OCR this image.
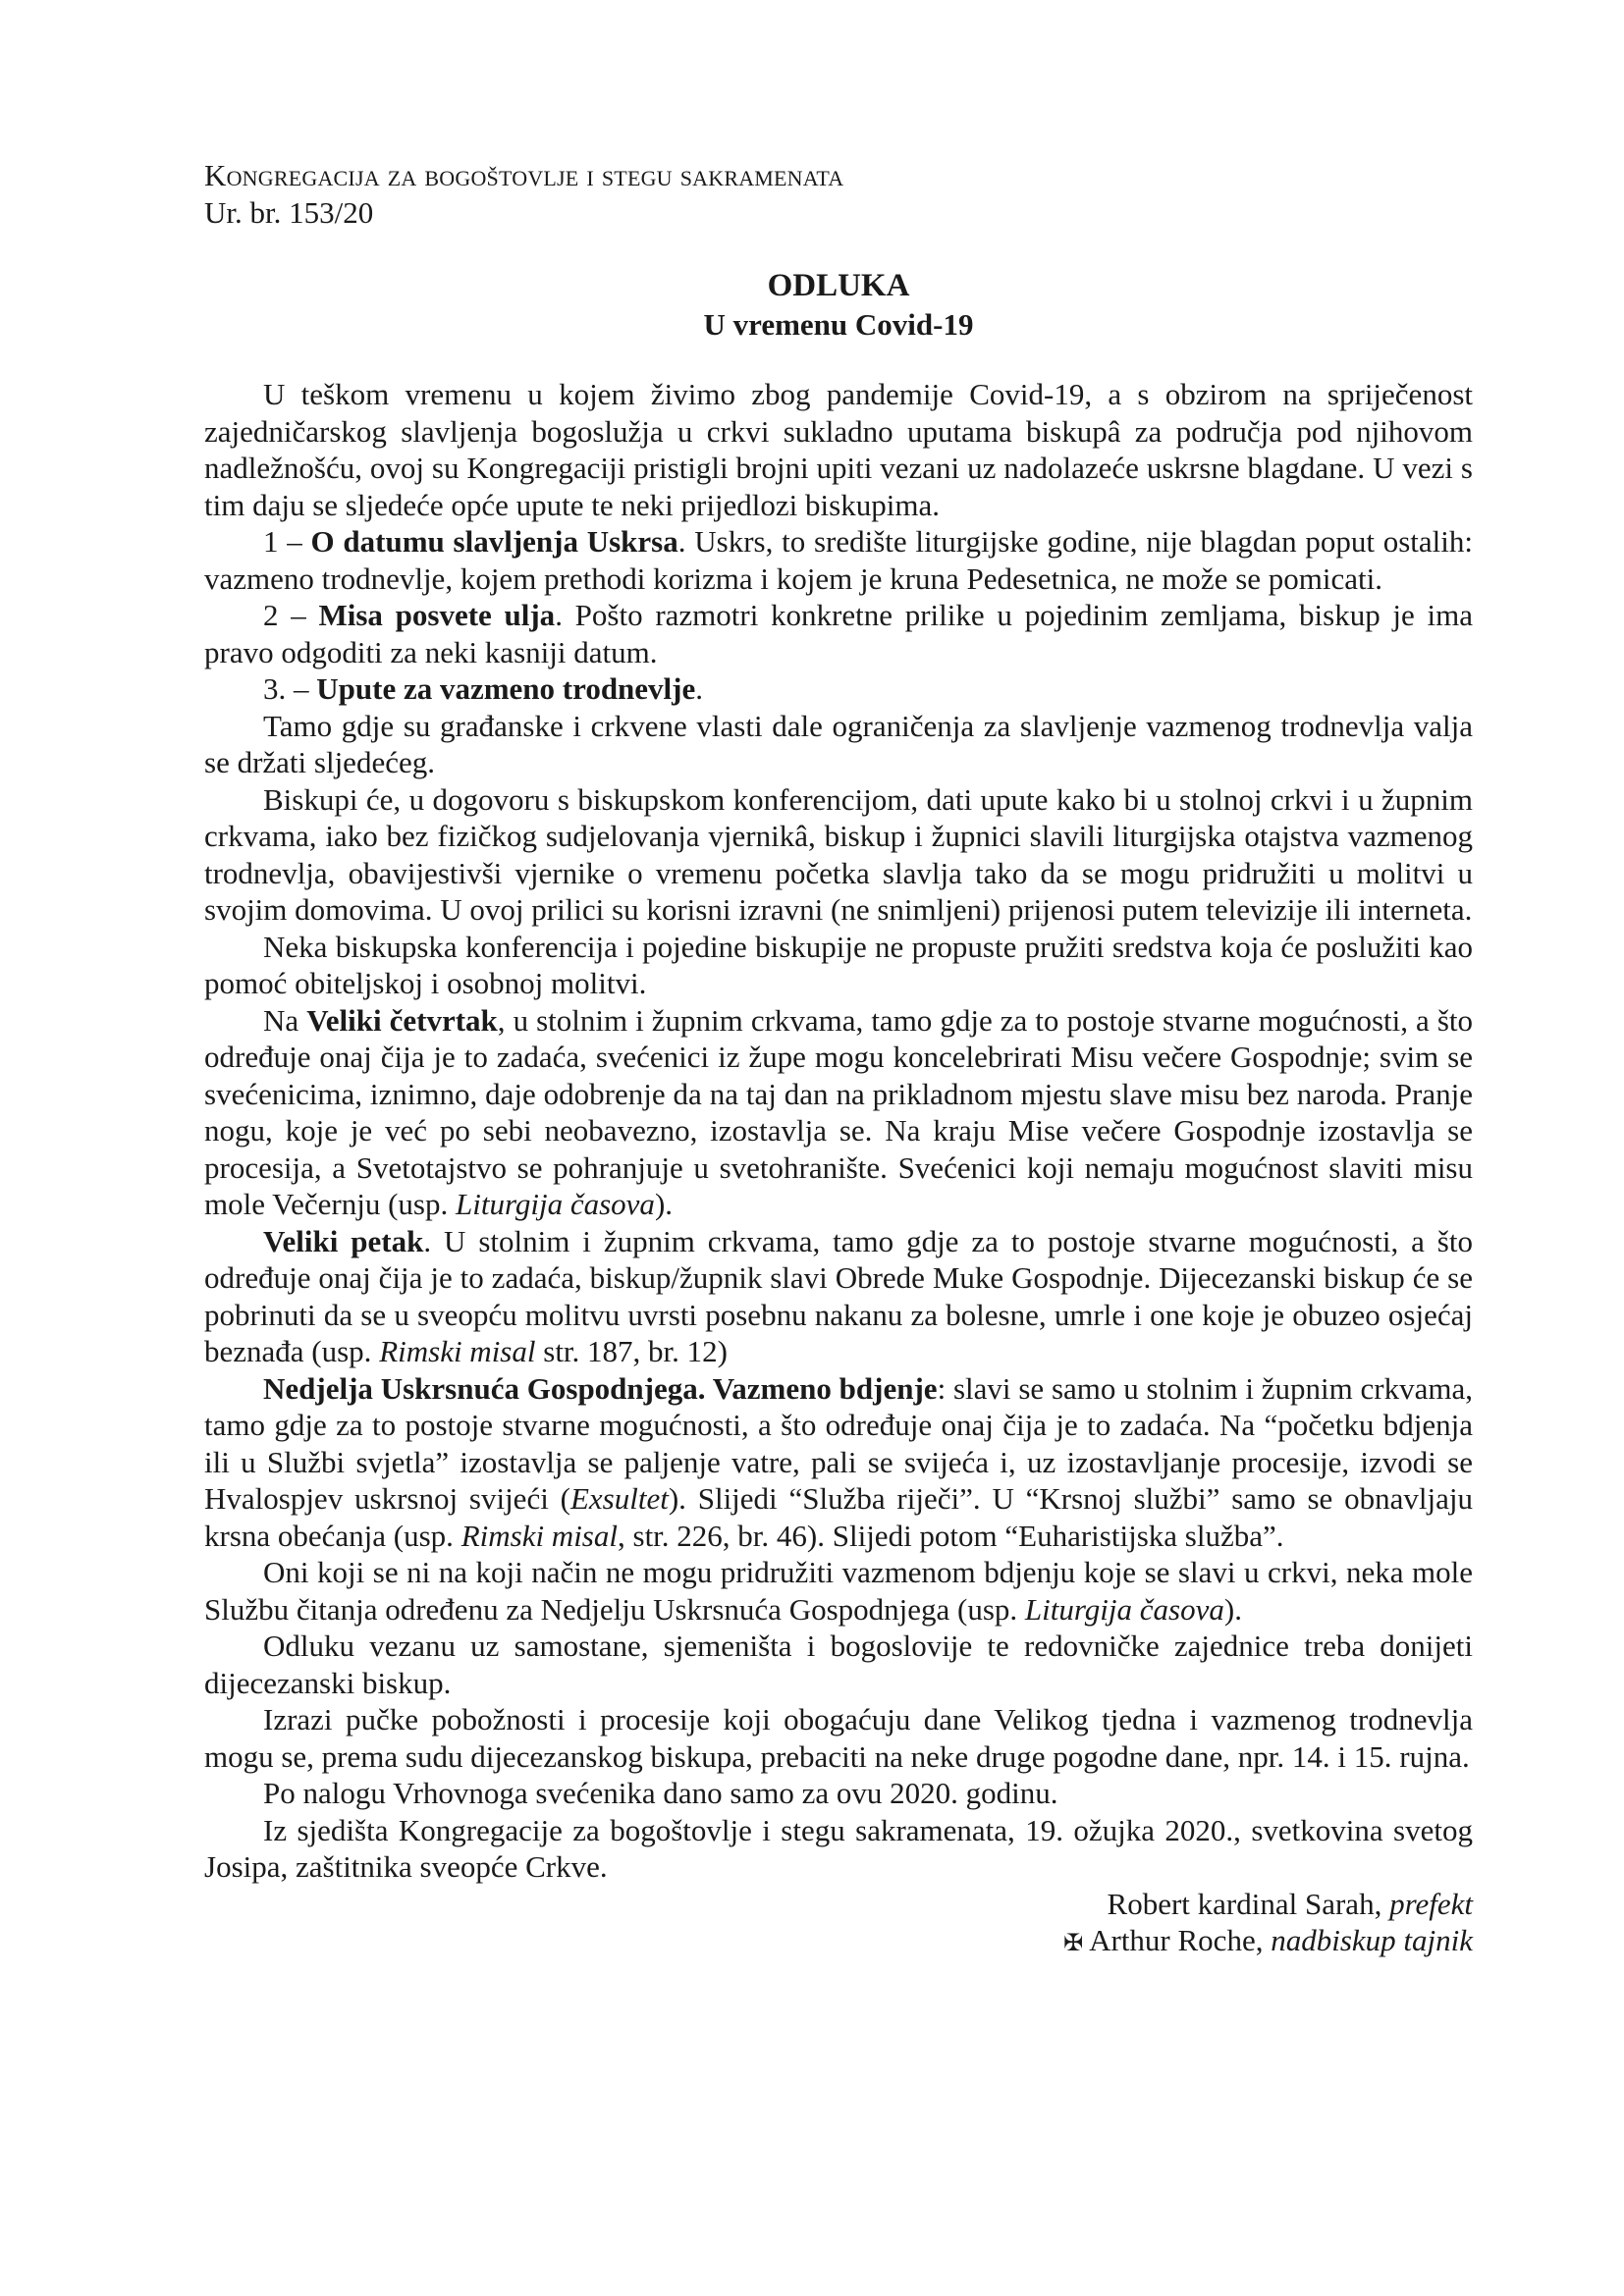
Kongregacija za bogoštovlje i stegu sakramenata

Ur. br. 153/20

ODLUKA

U vremenu Covid-19

U teškom vremenu u kojem živimo zbog pandemije Covid-19, a s obzirom na spriječenost zajedničarskog slavljenja bogoslužja u crkvi sukladno uputama biskupâ za područja pod njihovom nadležnošću, ovoj su Kongregaciji pristigli brojni upiti vezani uz nadolazeće uskrsne blagdane. U vezi s tim daju se sljedeće opće upute te neki prijedlozi biskupima.

1 – O datumu slavljenja Uskrsa. Uskrs, to središte liturgijske godine, nije blagdan poput ostalih: vazmeno trodnevlje, kojem prethodi korizma i kojem je kruna Pedesetnica, ne može se pomicati.

2 – Misa posvete ulja. Pošto razmotri konkretne prilike u pojedinim zemljama, biskup je ima pravo odgoditi za neki kasniji datum.

3. – Upute za vazmeno trodnevlje.

Tamo gdje su građanske i crkvene vlasti dale ograničenja za slavljenje vazmenog trodnevlja valja se držati sljedećeg.

Biskupi će, u dogovoru s biskupskom konferencijom, dati upute kako bi u stolnoj crkvi i u župnim crkvama, iako bez fizičkog sudjelovanja vjernikâ, biskup i župnici slavili liturgijska otajstva vazmenog trodnevlja, obavijestivši vjernike o vremenu početka slavlja tako da se mogu pridružiti u molitvi u svojim domovima. U ovoj prilici su korisni izravni (ne snimljeni) prijenosi putem televizije ili interneta.

Neka biskupska konferencija i pojedine biskupije ne propuste pružiti sredstva koja će poslužiti kao pomoć obiteljskoj i osobnoj molitvi.

Na Veliki četvrtak, u stolnim i župnim crkvama, tamo gdje za to postoje stvarne mogućnosti, a što određuje onaj čija je to zadaća, svećenici iz župe mogu koncelebrirati Misu večere Gospodnje; svim se svećenicima, iznimno, daje odobrenje da na taj dan na prikladnom mjestu slave misu bez naroda. Pranje nogu, koje je već po sebi neobavezno, izostavlja se. Na kraju Mise večere Gospodnje izostavlja se procesija, a Svetotajstvo se pohranjuje u svetohranište. Svećenici koji nemaju mogućnost slaviti misu mole Večernju (usp. Liturgija časova).

Veliki petak. U stolnim i župnim crkvama, tamo gdje za to postoje stvarne mogućnosti, a što određuje onaj čija je to zadaća, biskup/župnik slavi Obrede Muke Gospodnje. Dijecezanski biskup će se pobrinuti da se u sveopću molitvu uvrsti posebnu nakanu za bolesne, umrle i one koje je obuzeo osjećaj beznađa (usp. Rimski misal str. 187, br. 12)

Nedjelja Uskrsnuća Gospodnjega. Vazmeno bdjenje: slavi se samo u stolnim i župnim crkvama, tamo gdje za to postoje stvarne mogućnosti, a što određuje onaj čija je to zadaća. Na “početku bdjenja ili u Službi svjetla” izostavlja se paljenje vatre, pali se svijeća i, uz izostavljanje procesije, izvodi se Hvalospjev uskrsnoj svijeći (Exsultet). Slijedi “Služba riječi”. U “Krsnoj službi” samo se obnavljaju krsna obećanja (usp. Rimski misal, str. 226, br. 46). Slijedi potom “Euharistijska služba”.

Oni koji se ni na koji način ne mogu pridružiti vazmenom bdjenju koje se slavi u crkvi, neka mole Službu čitanja određenu za Nedjelju Uskrsnuća Gospodnjega (usp. Liturgija časova).

Odluku vezanu uz samostane, sjemeništa i bogoslovije te redovničke zajednice treba donijeti dijecezanski biskup.

Izrazi pučke pobožnosti i procesije koji obogaćuju dane Velikog tjedna i vazmenog trodnevlja mogu se, prema sudu dijecezanskog biskupa, prebaciti na neke druge pogodne dane, npr. 14. i 15. rujna.

Po nalogu Vrhovnoga svećenika dano samo za ovu 2020. godinu.

Iz sjedišta Kongregacije za bogoštovlje i stegu sakramenata, 19. ožujka 2020., svetkovina svetog Josipa, zaštitnika sveopće Crkve.

Robert kardinal Sarah, prefekt

✠ Arthur Roche, nadbiskup tajnik
